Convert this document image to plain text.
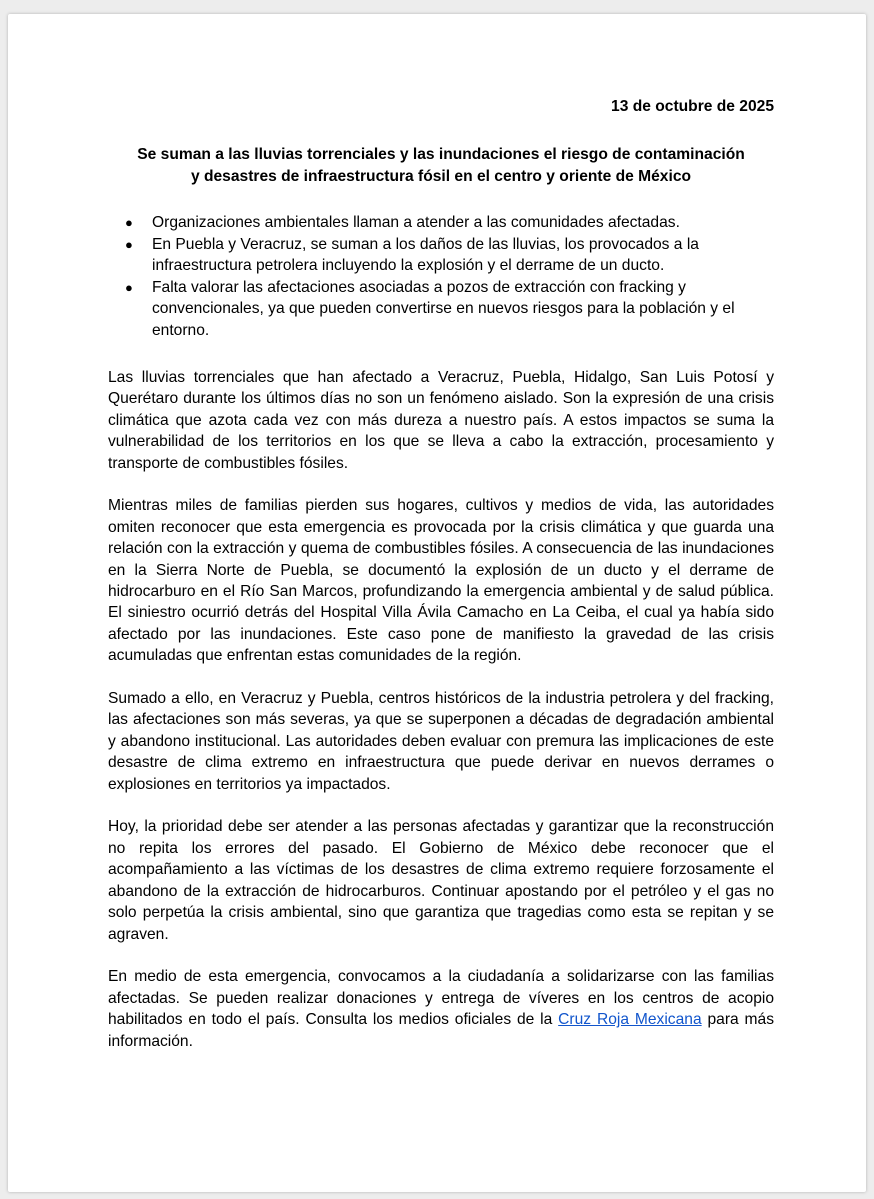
13 de octubre de 2025

Se suman a las lluvias torrenciales y las inundaciones el riesgo de contaminación
y desastres de infraestructura fósil en el centro y oriente de México
● Organizaciones ambientales llaman a atender a las comunidades afectadas.
● En Puebla y Veracruz, se suman a los daños de las lluvias, los provocados a la infraestructura petrolera incluyendo la explosión y el derrame de un ducto.
● Falta valorar las afectaciones asociadas a pozos de extracción con fracking y convencionales, ya que pueden convertirse en nuevos riesgos para la población y el entorno.

Las lluvias torrenciales que han afectado a Veracruz, Puebla, Hidalgo, San Luis Potosí y Querétaro durante los últimos días no son un fenómeno aislado. Son la expresión de una crisis climática que azota cada vez con más dureza a nuestro país. A estos impactos se suma la vulnerabilidad de los territorios en los que se lleva a cabo la extracción, procesamiento y transporte de combustibles fósiles.

Mientras miles de familias pierden sus hogares, cultivos y medios de vida, las autoridades omiten reconocer que esta emergencia es provocada por la crisis climática y que guarda una relación con la extracción y quema de combustibles fósiles. A consecuencia de las inundaciones en la Sierra Norte de Puebla, se documentó la explosión de un ducto y el derrame de hidrocarburo en el Río San Marcos, profundizando la emergencia ambiental y de salud pública. El siniestro ocurrió detrás del Hospital Villa Ávila Camacho en La Ceiba, el cual ya había sido afectado por las inundaciones. Este caso pone de manifiesto la gravedad de las crisis acumuladas que enfrentan estas comunidades de la región.

Sumado a ello, en Veracruz y Puebla, centros históricos de la industria petrolera y del fracking, las afectaciones son más severas, ya que se superponen a décadas de degradación ambiental y abandono institucional. Las autoridades deben evaluar con premura las implicaciones de este desastre de clima extremo en infraestructura que puede derivar en nuevos derrames o explosiones en territorios ya impactados.

Hoy, la prioridad debe ser atender a las personas afectadas y garantizar que la reconstrucción no repita los errores del pasado. El Gobierno de México debe reconocer que el acompañamiento a las víctimas de los desastres de clima extremo requiere forzosamente el abandono de la extracción de hidrocarburos. Continuar apostando por el petróleo y el gas no solo perpetúa la crisis ambiental, sino que garantiza que tragedias como esta se repitan y se agraven.

En medio de esta emergencia, convocamos a la ciudadanía a solidarizarse con las familias afectadas. Se pueden realizar donaciones y entrega de víveres en los centros de acopio habilitados en todo el país. Consulta los medios oficiales de la Cruz Roja Mexicana para más información.
